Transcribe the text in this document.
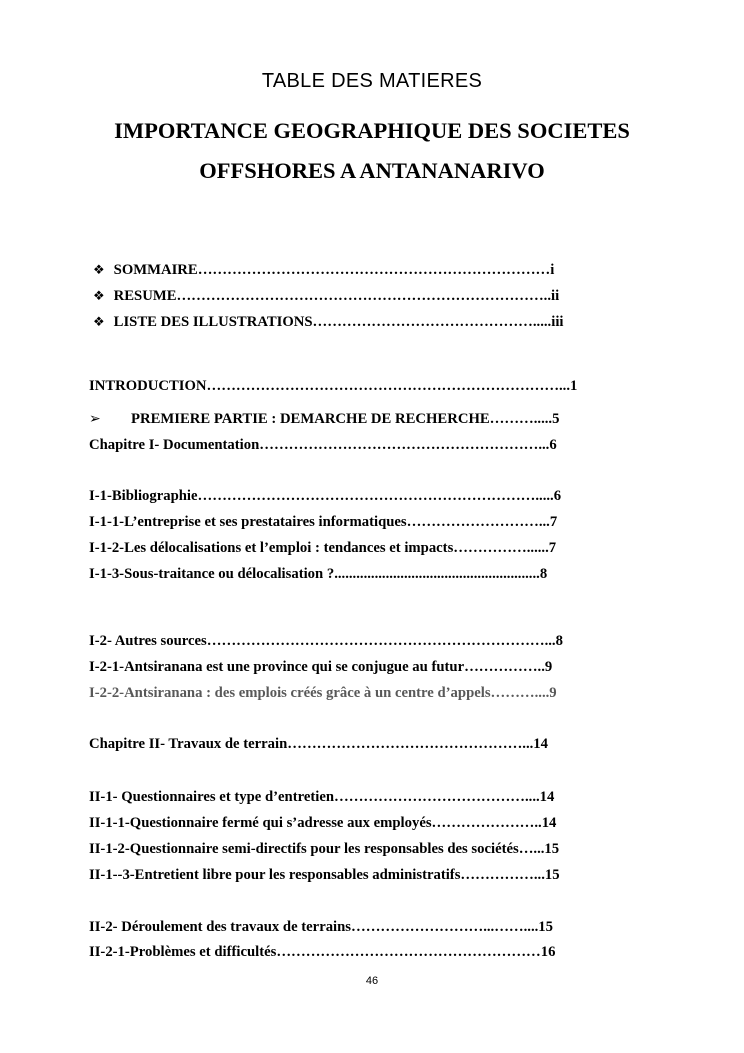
TABLE DES MATIERES
IMPORTANCE GEOGRAPHIQUE DES SOCIETES
OFFSHORES A ANTANANARIVO
❖ SOMMAIRE………………………………………………………………i
❖ RESUME…………………………………………………………………..ii
❖ LISTE DES ILLUSTRATIONS……………………………………….....iii
INTRODUCTION………………………………………………………………...1
➢ PREMIERE PARTIE : DEMARCHE DE RECHERCHE……….....5
Chapitre I- Documentation…………………………………………………...6
I-1-Bibliographie…………………………………………………………….....6
I-1-1-L’entreprise et ses prestataires informatiques………………………...7
I-1-2-Les délocalisations et l’emploi : tendances et impacts……………......7
I-1-3-Sous-traitance ou délocalisation ?........................................................8
I-2- Autres sources……………………………………………………………...8
I-2-1-Antsiranana est une province qui se conjugue au futur……………..9
I-2-2-Antsiranana : des emplois créés grâce à un centre d’appels………....9
Chapitre II- Travaux de terrain…………………………………………...14
II-1- Questionnaires et type d’entretien…………………………………....14
II-1-1-Questionnaire fermé qui s’adresse aux employés…………………..14
II-1-2-Questionnaire semi-directifs pour les responsables des sociétés…...15
II-1--3-Entretient libre pour les responsables administratifs……………...15
II-2- Déroulement des travaux de terrains………………………...……....15
II-2-1-Problèmes et difficultés………………………………………………16
46
